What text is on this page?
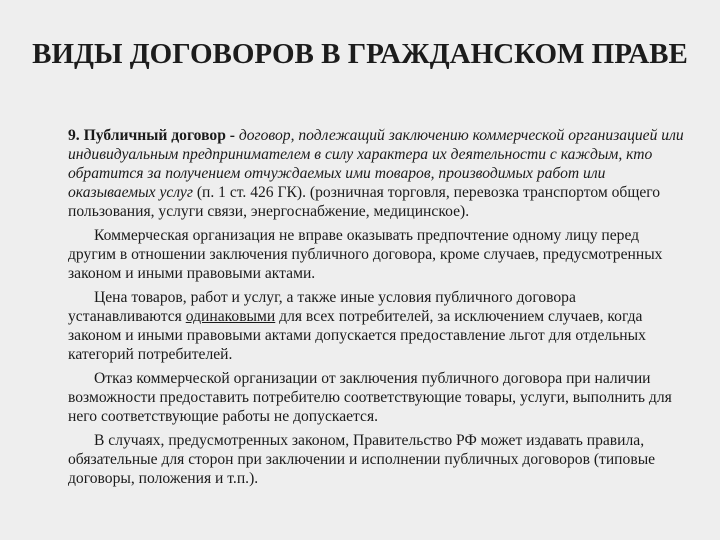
ВИДЫ ДОГОВОРОВ В ГРАЖДАНСКОМ ПРАВЕ

9. Публичный договор - договор, подлежащий заключению коммерческой организацией или индивидуальным предпринимателем в силу характера их деятельности с каждым, кто обратится за получением отчуждаемых ими товаров, производимых работ или оказываемых услуг (п. 1 ст. 426 ГК). (розничная торговля, перевозка транспортом общего пользования, услуги связи, энергоснабжение, медицинское).

Коммерческая организация не вправе оказывать предпочтение одному лицу перед другим в отношении заключения публичного договора, кроме случаев, предусмотренных законом и иными правовыми актами.

Цена товаров, работ и услуг, а также иные условия публичного договора устанавливаются одинаковыми для всех потребителей, за исключением случаев, когда законом и иными правовыми актами допускается предоставление льгот для отдельных категорий потребителей.

Отказ коммерческой организации от заключения публичного договора при наличии возможности предоставить потребителю соответствующие товары, услуги, выполнить для него соответствующие работы не допускается.

В случаях, предусмотренных законом, Правительство РФ может издавать правила, обязательные для сторон при заключении и исполнении публичных договоров (типовые договоры, положения и т.п.).
